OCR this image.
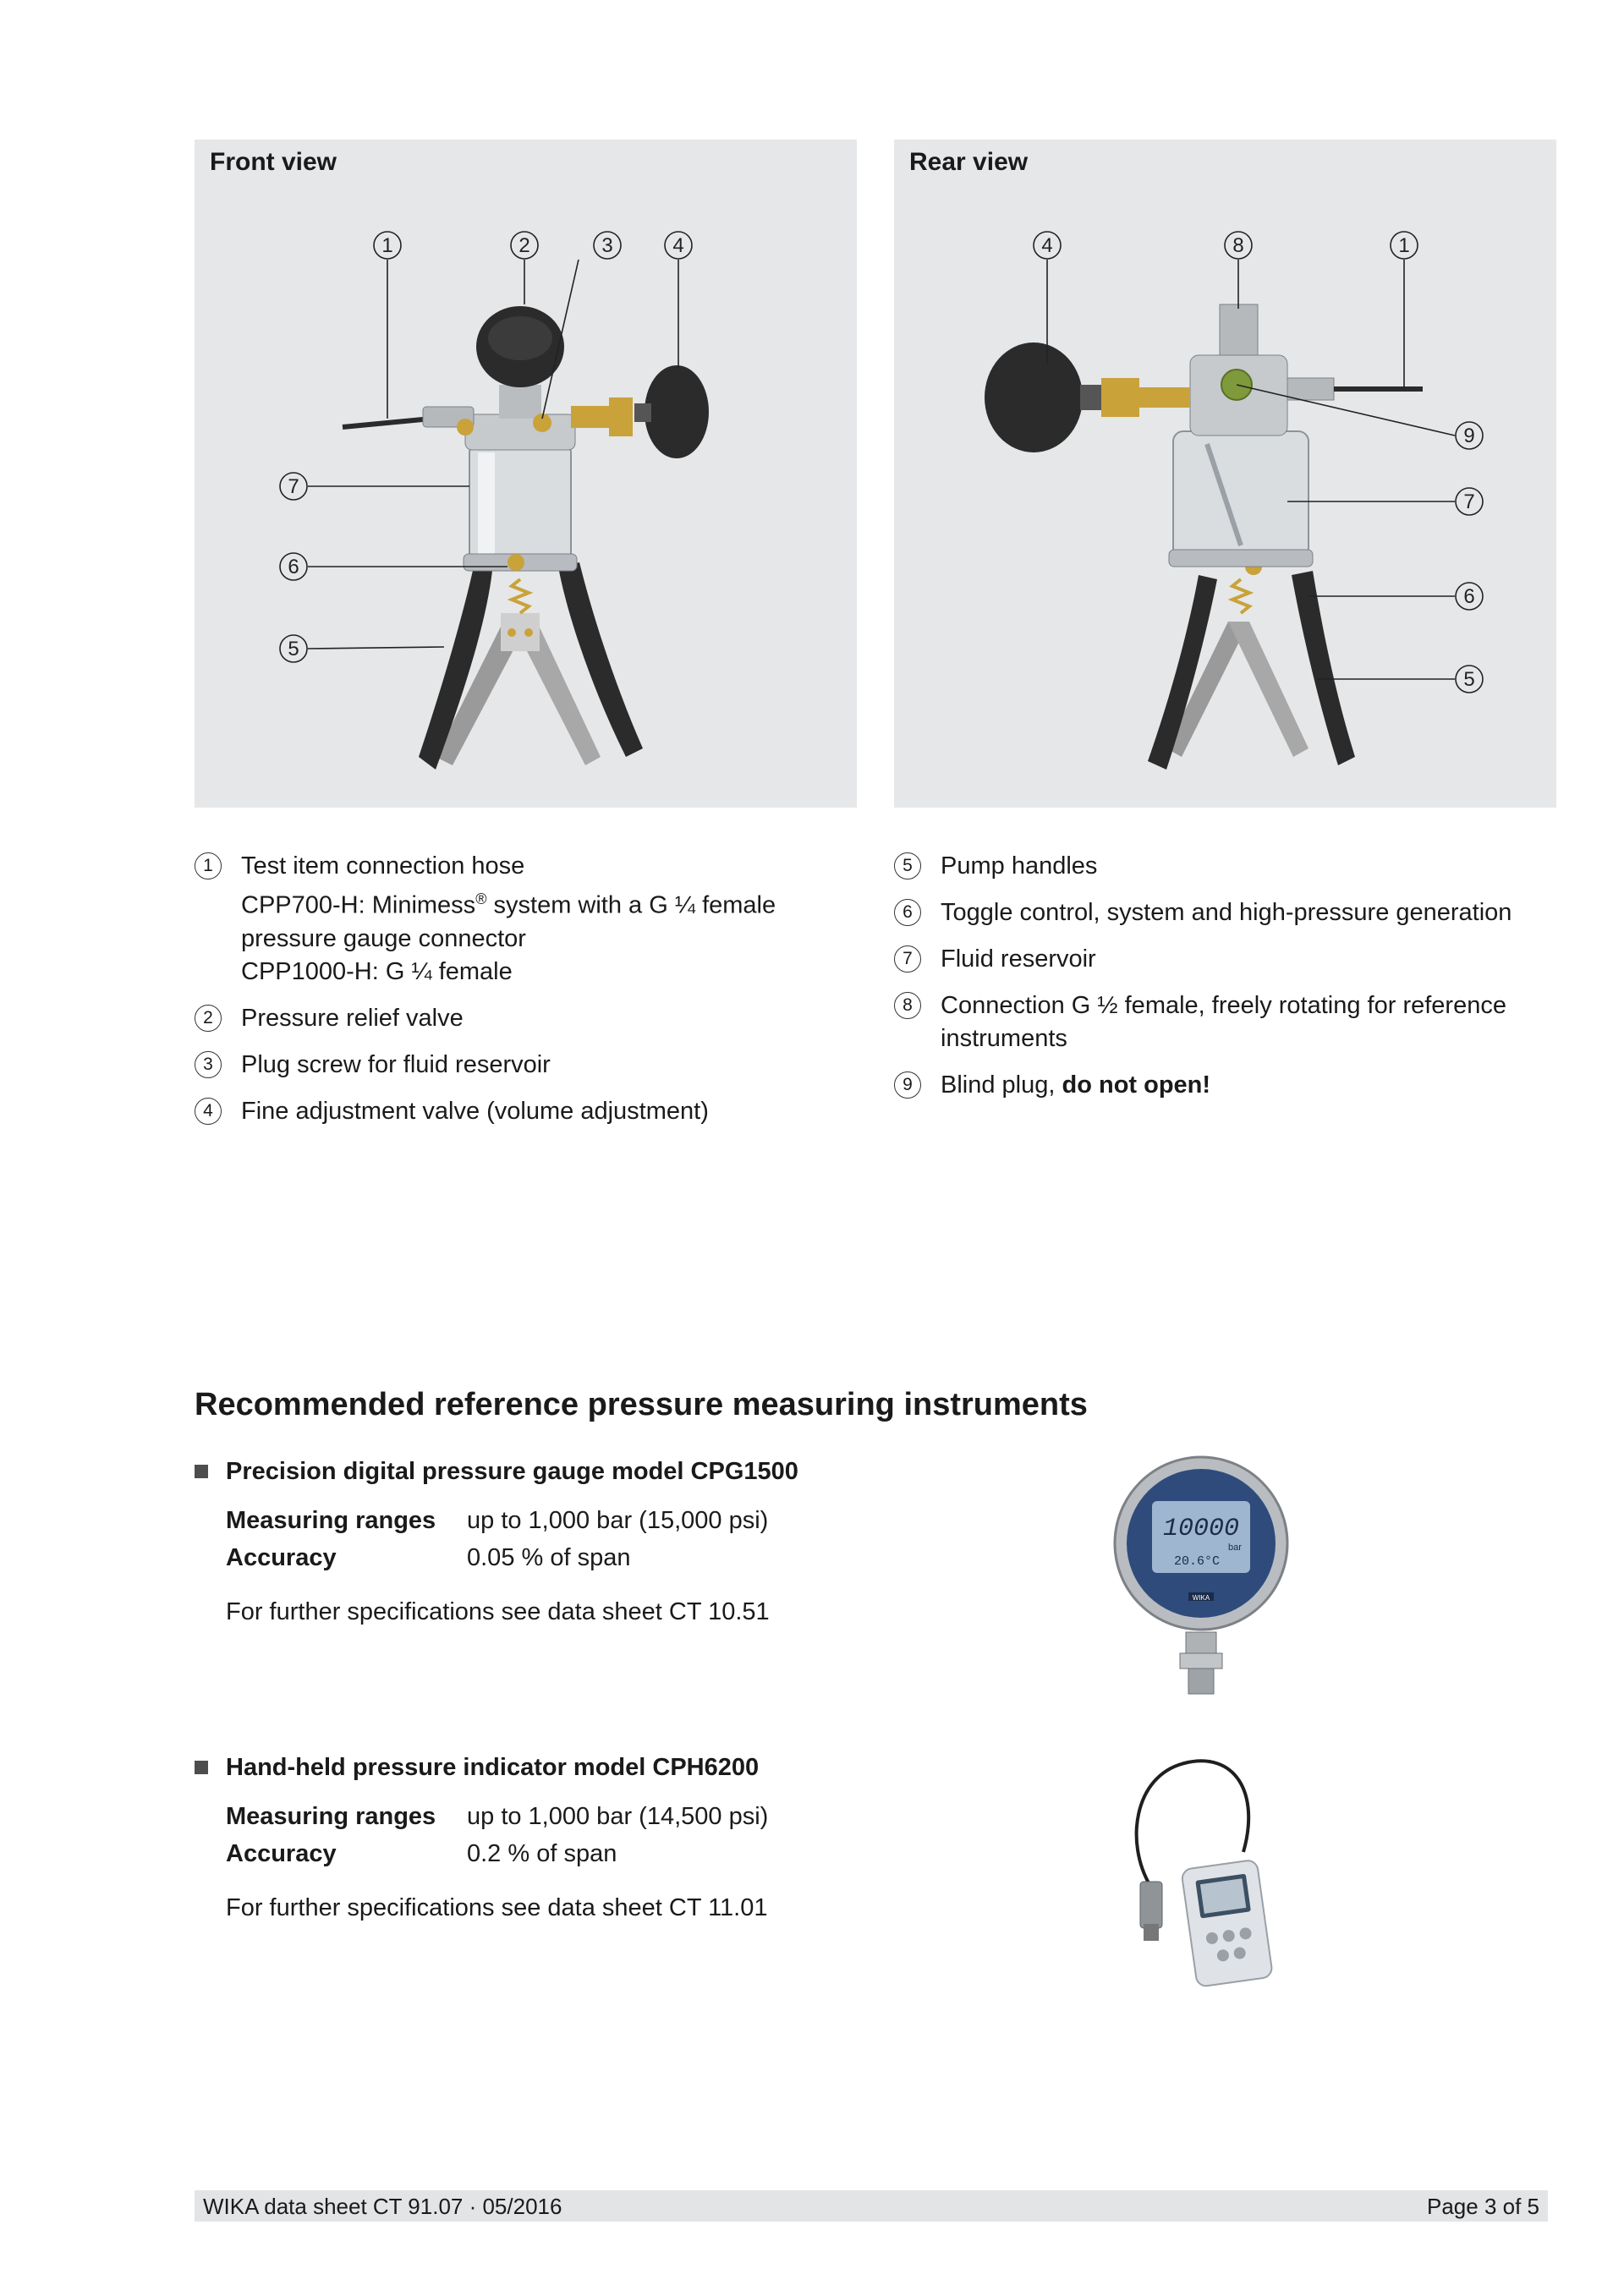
Front view
1	2	3	4
7
6
5
Rear view
4	8	1
9
7
6
5
1	Test item connection hose
CPP700-H: Minimess® system with a G ¼ female
pressure gauge connector
CPP1000-H: G ¼ female
2	Pressure relief valve
3	Plug screw for fluid reservoir
4	Fine adjustment valve (volume adjustment)
5	Pump handles
6	Toggle control, system and high-pressure generation
7	Fluid reservoir
8	Connection G ½ female, freely rotating for reference instruments
9	Blind plug, do not open!
Recommended reference pressure measuring instruments
Precision digital pressure gauge model CPG1500
Measuring ranges	up to 1,000 bar (15,000 psi)
Accuracy	0.05 % of span
For further specifications see data sheet CT 10.51
10000
bar
20.6°C
WIKA
Hand-held pressure indicator model CPH6200
Measuring ranges	up to 1,000 bar (14,500 psi)
Accuracy	0.2 % of span
For further specifications see data sheet CT 11.01
WIKA data sheet CT 91.07 · 05/2016	Page 3 of 5
